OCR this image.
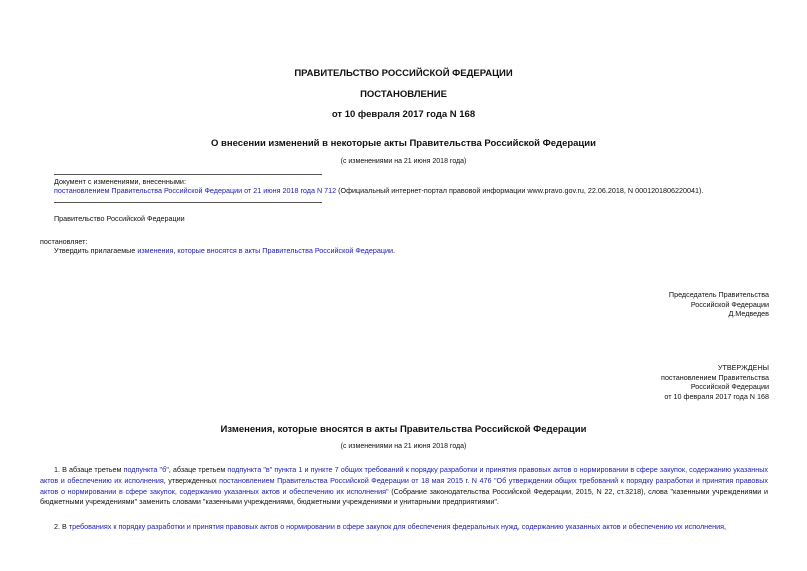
ПРАВИТЕЛЬСТВО РОССИЙСКОЙ ФЕДЕРАЦИИ
ПОСТАНОВЛЕНИЕ
от 10 февраля 2017 года N 168
О внесении изменений в некоторые акты Правительства Российской Федерации
(с изменениями на 21 июня 2018 года)
Документ с изменениями, внесенными:
постановлением Правительства Российской Федерации от 21 июня 2018 года N 712 (Официальный интернет-портал правовой информации www.pravo.gov.ru, 22.06.2018, N 0001201806220041).
Правительство Российской Федерации
постановляет:
Утвердить прилагаемые изменения, которые вносятся в акты Правительства Российской Федерации.
Председатель Правительства
Российской Федерации
Д.Медведев
УТВЕРЖДЕНЫ
постановлением Правительства
Российской Федерации
от 10 февраля 2017 года N 168
Изменения, которые вносятся в акты Правительства Российской Федерации
(с изменениями на 21 июня 2018 года)
1. В абзаце третьем подпункта "б", абзаце третьем подпункта "в" пункта 1 и пункте 7 общих требований к порядку разработки и принятия правовых актов о нормировании в сфере закупок, содержанию указанных актов и обеспечению их исполнения, утвержденных постановлением Правительства Российской Федерации от 18 мая 2015 г. N 476 "Об утверждении общих требований к порядку разработки и принятия правовых актов о нормировании в сфере закупок, содержанию указанных актов и обеспечению их исполнения" (Собрание законодательства Российской Федерации, 2015, N 22, ст.3218), слова "казенными учреждениями и бюджетными учреждениями" заменить словами "казенными учреждениями, бюджетными учреждениями и унитарными предприятиями".
2. В требованиях к порядку разработки и принятия правовых актов о нормировании в сфере закупок для обеспечения федеральных нужд, содержанию указанных актов и обеспечению их исполнения,
